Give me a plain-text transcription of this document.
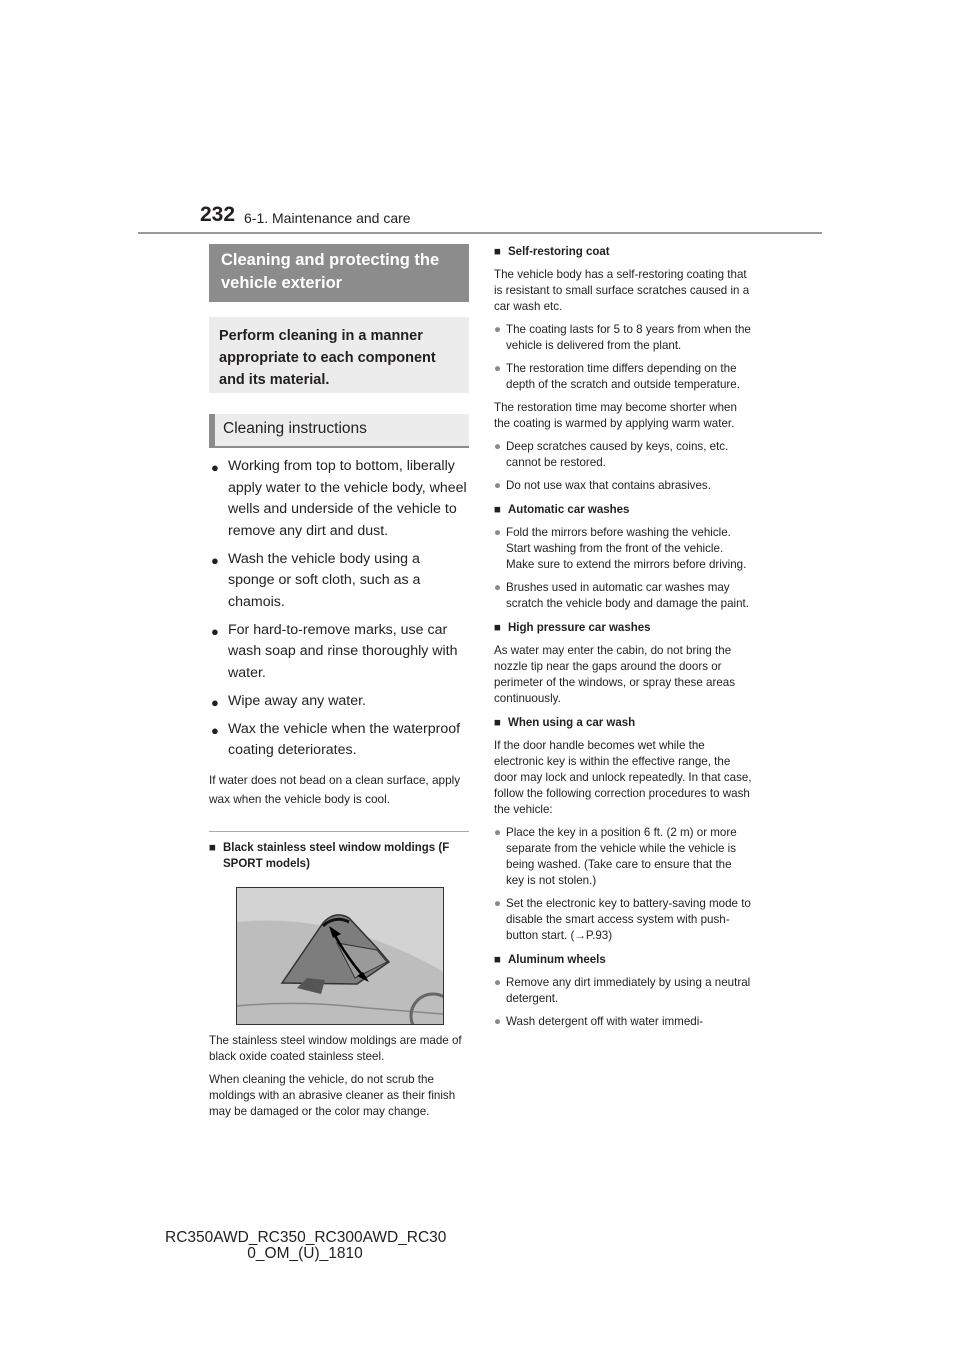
232 6-1. Maintenance and care
Cleaning and protecting the vehicle exterior
Perform cleaning in a manner appropriate to each component and its material.
Cleaning instructions
● Working from top to bottom, liberally apply water to the vehicle body, wheel wells and underside of the vehicle to remove any dirt and dust.
● Wash the vehicle body using a sponge or soft cloth, such as a chamois.
● For hard-to-remove marks, use car wash soap and rinse thoroughly with water.
● Wipe away any water.
● Wax the vehicle when the waterproof coating deteriorates.
If water does not bead on a clean surface, apply wax when the vehicle body is cool.
■ Black stainless steel window moldings (F SPORT models)
The stainless steel window moldings are made of black oxide coated stainless steel.
When cleaning the vehicle, do not scrub the moldings with an abrasive cleaner as their finish may be damaged or the color may change.
■ Self-restoring coat
The vehicle body has a self-restoring coating that is resistant to small surface scratches caused in a car wash etc.
● The coating lasts for 5 to 8 years from when the vehicle is delivered from the plant.
● The restoration time differs depending on the depth of the scratch and outside temperature.
The restoration time may become shorter when the coating is warmed by applying warm water.
● Deep scratches caused by keys, coins, etc. cannot be restored.
● Do not use wax that contains abrasives.
■ Automatic car washes
● Fold the mirrors before washing the vehicle. Start washing from the front of the vehicle. Make sure to extend the mirrors before driving.
● Brushes used in automatic car washes may scratch the vehicle body and damage the paint.
■ High pressure car washes
As water may enter the cabin, do not bring the nozzle tip near the gaps around the doors or perimeter of the windows, or spray these areas continuously.
■ When using a car wash
If the door handle becomes wet while the electronic key is within the effective range, the door may lock and unlock repeatedly. In that case, follow the following correction procedures to wash the vehicle:
● Place the key in a position 6 ft. (2 m) or more separate from the vehicle while the vehicle is being washed. (Take care to ensure that the key is not stolen.)
● Set the electronic key to battery-saving mode to disable the smart access system with push-button start. (→P.93)
■ Aluminum wheels
● Remove any dirt immediately by using a neutral detergent.
● Wash detergent off with water immedi-
RC350AWD_RC350_RC300AWD_RC30
0_OM_(U)_1810
